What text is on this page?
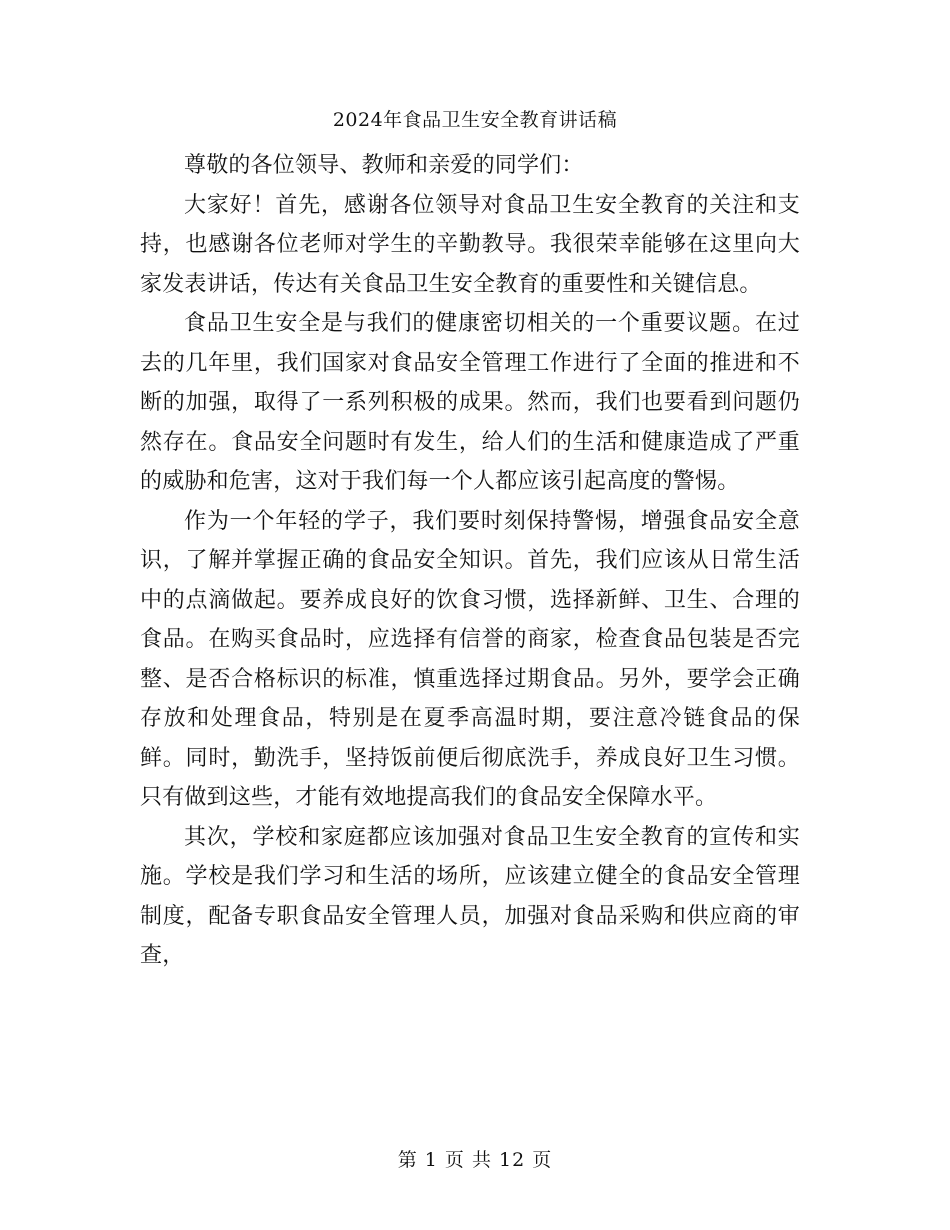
2024年食品卫生安全教育讲话稿

尊敬的各位领导、教师和亲爱的同学们：

大家好！首先，感谢各位领导对食品卫生安全教育的关注和支持，也感谢各位老师对学生的辛勤教导。我很荣幸能够在这里向大家发表讲话，传达有关食品卫生安全教育的重要性和关键信息。

食品卫生安全是与我们的健康密切相关的一个重要议题。在过去的几年里，我们国家对食品安全管理工作进行了全面的推进和不断的加强，取得了一系列积极的成果。然而，我们也要看到问题仍然存在。食品安全问题时有发生，给人们的生活和健康造成了严重的威胁和危害，这对于我们每一个人都应该引起高度的警惕。

作为一个年轻的学子，我们要时刻保持警惕，增强食品安全意识，了解并掌握正确的食品安全知识。首先，我们应该从日常生活中的点滴做起。要养成良好的饮食习惯，选择新鲜、卫生、合理的食品。在购买食品时，应选择有信誉的商家，检查食品包装是否完整、是否合格标识的标准，慎重选择过期食品。另外，要学会正确存放和处理食品，特别是在夏季高温时期，要注意冷链食品的保鲜。同时，勤洗手，坚持饭前便后彻底洗手，养成良好卫生习惯。只有做到这些，才能有效地提高我们的食品安全保障水平。

其次，学校和家庭都应该加强对食品卫生安全教育的宣传和实施。学校是我们学习和生活的场所，应该建立健全的食品安全管理制度，配备专职食品安全管理人员，加强对食品采购和供应商的审查，

第 1 页 共 12 页
